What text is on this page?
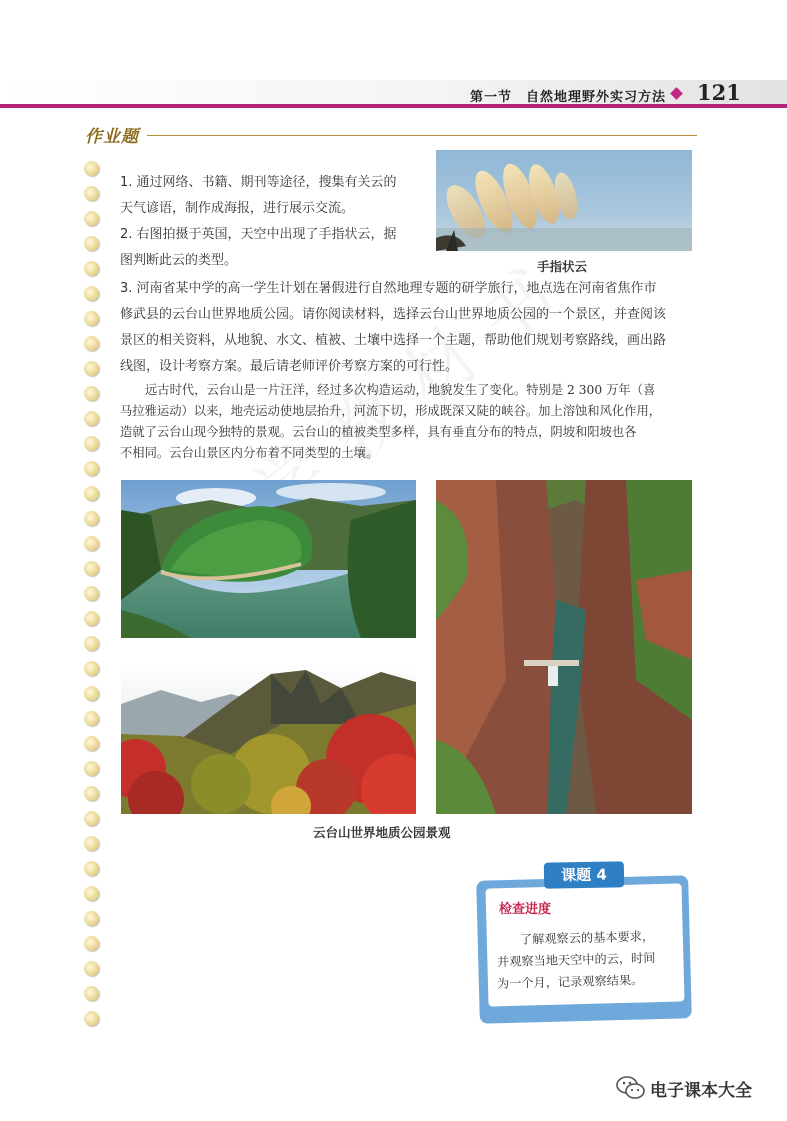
第一节　自然地理野外实习方法 121
作业题
1. 通过网络、书籍、期刊等途径，搜集有关云的
天气谚语，制作成海报，进行展示交流。
2. 右图拍摄于英国，天空中出现了手指状云，据
图判断此云的类型。	手指状云
3. 河南省某中学的高一学生计划在暑假进行自然地理专题的研学旅行，地点选在河南省焦作市
修武县的云台山世界地质公园。请你阅读材料，选择云台山世界地质公园的一个景区，并查阅该
景区的相关资料，从地貌、水文、植被、土壤中选择一个主题，帮助他们规划考察路线，画出路
线图，设计考察方案。最后请老师评价考察方案的可行性。
远古时代，云台山是一片汪洋，经过多次构造运动，地貌发生了变化。特别是 2 300 万年（喜
马拉雅运动）以来，地壳运动使地层抬升，河流下切，形成既深又陡的峡谷。加上溶蚀和风化作用，
造就了云台山现今独特的景观。云台山的植被类型多样，具有垂直分布的特点，阴坡和阳坡也各
不相同。云台山景区内分布着不同类型的土壤。
云台山世界地质公园景观
课题 4
检查进度
了解观察云的基本要求，
并观察当地天空中的云，时间
为一个月，记录观察结果。
电子课本大全
